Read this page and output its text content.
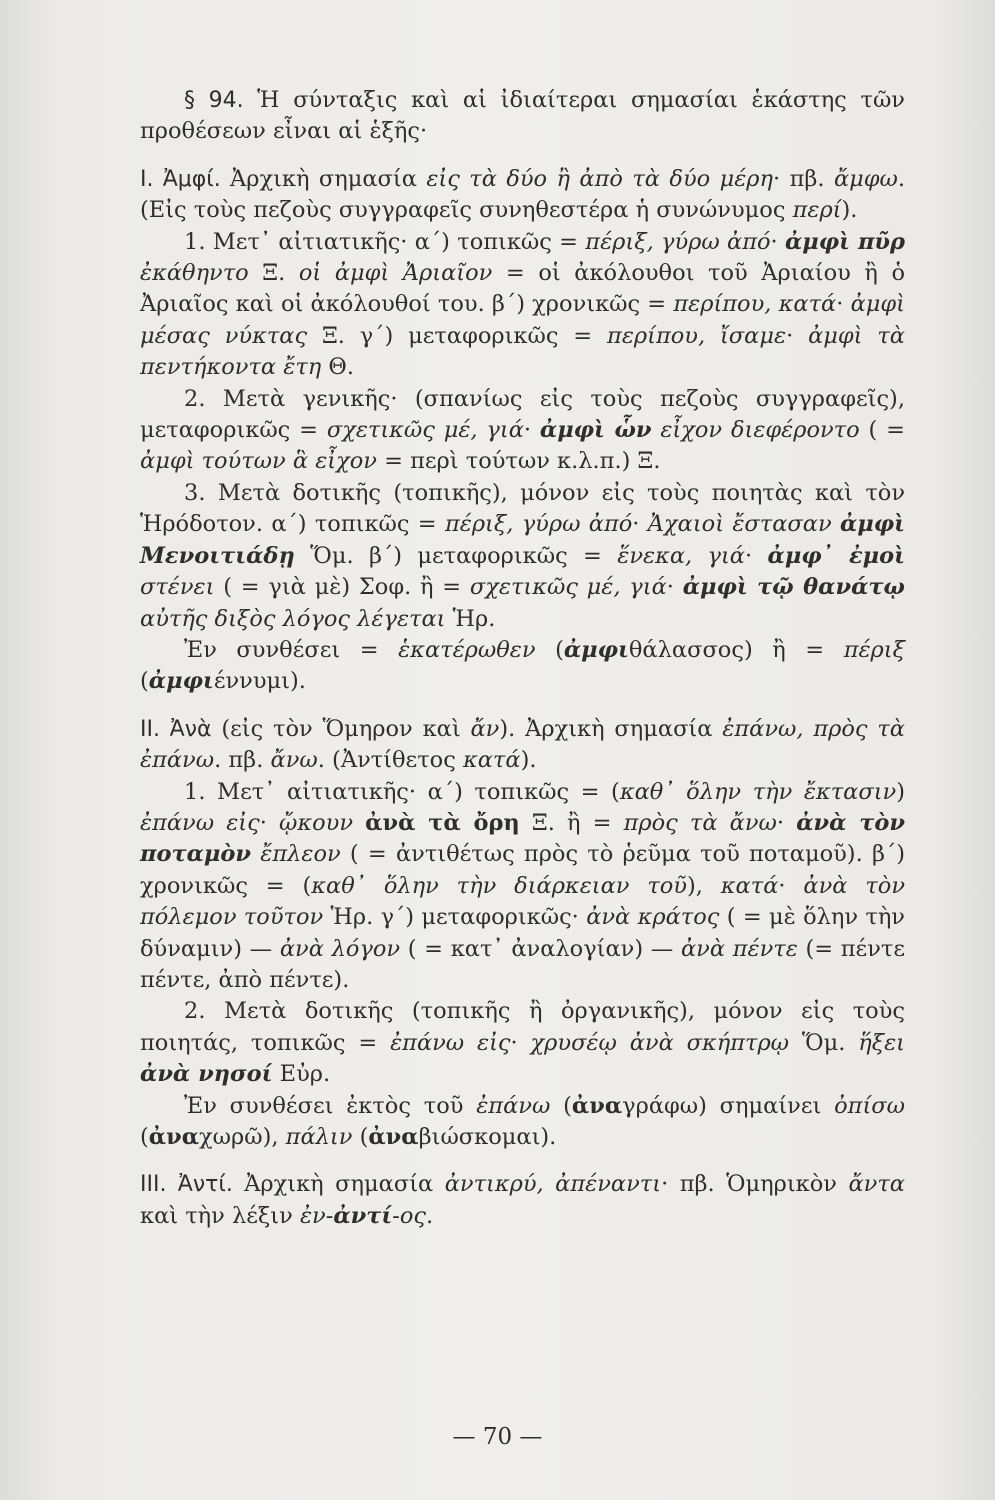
§ 94. Ἡ σύνταξις καὶ αἱ ἰδιαίτεραι σημασίαι ἑκάστης τῶν προθέσεων εἶναι αἱ ἑξῆς·

I. Ἀμφί. Ἀρχικὴ σημασία εἰς τὰ δύο ἢ ἀπὸ τὰ δύο μέρη· πβ. ἄμφω. (Εἰς τοὺς πεζοὺς συγγραφεῖς συνηθεστέρα ἡ συνώνυμος περί).

1. Μετ᾽ αἰτιατικῆς· α´) τοπικῶς = πέριξ, γύρω ἀπό· ἀμφὶ πῦρ ἐκάθηντο Ξ. οἱ ἀμφὶ Ἀριαῖον = οἱ ἀκόλουθοι τοῦ Ἀριαίου ἢ ὁ Ἀριαῖος καὶ οἱ ἀκόλουθοί του. β´) χρονικῶς = περίπου, κατά· ἀμφὶ μέσας νύκτας Ξ. γ´) μεταφορικῶς = περίπου, ἴσαμε· ἀμφὶ τὰ πεντήκοντα ἔτη Θ.

2. Μετὰ γενικῆς· (σπανίως εἰς τοὺς πεζοὺς συγγραφεῖς), μεταφορικῶς = σχετικῶς μέ, γιά· ἀμφὶ ὧν εἶχον διεφέροντο ( = ἀμφὶ τούτων ἃ εἶχον = περὶ τούτων κ.λ.π.) Ξ.

3. Μετὰ δοτικῆς (τοπικῆς), μόνον εἰς τοὺς ποιητὰς καὶ τὸν Ἡρόδοτον. α´) τοπικῶς = πέριξ, γύρω ἀπό· Ἀχαιοὶ ἔστασαν ἀμφὶ Μενοιτιάδῃ Ὅμ. β´) μεταφορικῶς = ἕνεκα, γιά· ἀμφ᾽ ἐμοὶ στένει ( = γιὰ μὲ) Σοφ. ἢ = σχετικῶς μέ, γιά· ἀμφὶ τῷ θανάτῳ αὐτῆς διξὸς λόγος λέγεται Ἡρ.

Ἐν συνθέσει = ἑκατέρωθεν (ἀμφιθάλασσος) ἢ = πέριξ (ἀμφιέννυμι).

II. Ἀνὰ (εἰς τὸν Ὅμηρον καὶ ἄν). Ἀρχικὴ σημασία ἐπάνω, πρὸς τὰ ἐπάνω. πβ. ἄνω. (Ἀντίθετος κατά).

1. Μετ᾽ αἰτιατικῆς· α´) τοπικῶς = (καθ᾽ ὅλην τὴν ἔκτασιν) ἐπάνω εἰς· ᾤκουν ἀνὰ τὰ ὄρη Ξ. ἢ = πρὸς τὰ ἄνω· ἀνὰ τὸν ποταμὸν ἔπλεον ( = ἀντιθέτως πρὸς τὸ ῥεῦμα τοῦ ποταμοῦ). β´) χρονικῶς = (καθ᾽ ὅλην τὴν διάρκειαν τοῦ), κατά· ἀνὰ τὸν πόλεμον τοῦτον Ἡρ. γ´) μεταφορικῶς· ἀνὰ κράτος ( = μὲ ὅλην τὴν δύναμιν) — ἀνὰ λόγον ( = κατ᾽ ἀναλογίαν) — ἀνὰ πέντε (= πέντε πέντε, ἀπὸ πέντε).

2. Μετὰ δοτικῆς (τοπικῆς ἢ ὀργανικῆς), μόνον εἰς τοὺς ποιητάς, τοπικῶς = ἐπάνω εἰς· χρυσέῳ ἀνὰ σκήπτρῳ Ὅμ. ἥξει ἀνὰ νησοί Εὐρ.

Ἐν συνθέσει ἐκτὸς τοῦ ἐπάνω (ἀναγράφω) σημαίνει ὀπίσω (ἀναχωρῶ), πάλιν (ἀναβιώσκομαι).

III. Ἀντί. Ἀρχικὴ σημασία ἀντικρύ, ἀπέναντι· πβ. Ὁμηρικὸν ἄντα καὶ τὴν λέξιν ἐν-ἀντί-ος.

— 70 —
